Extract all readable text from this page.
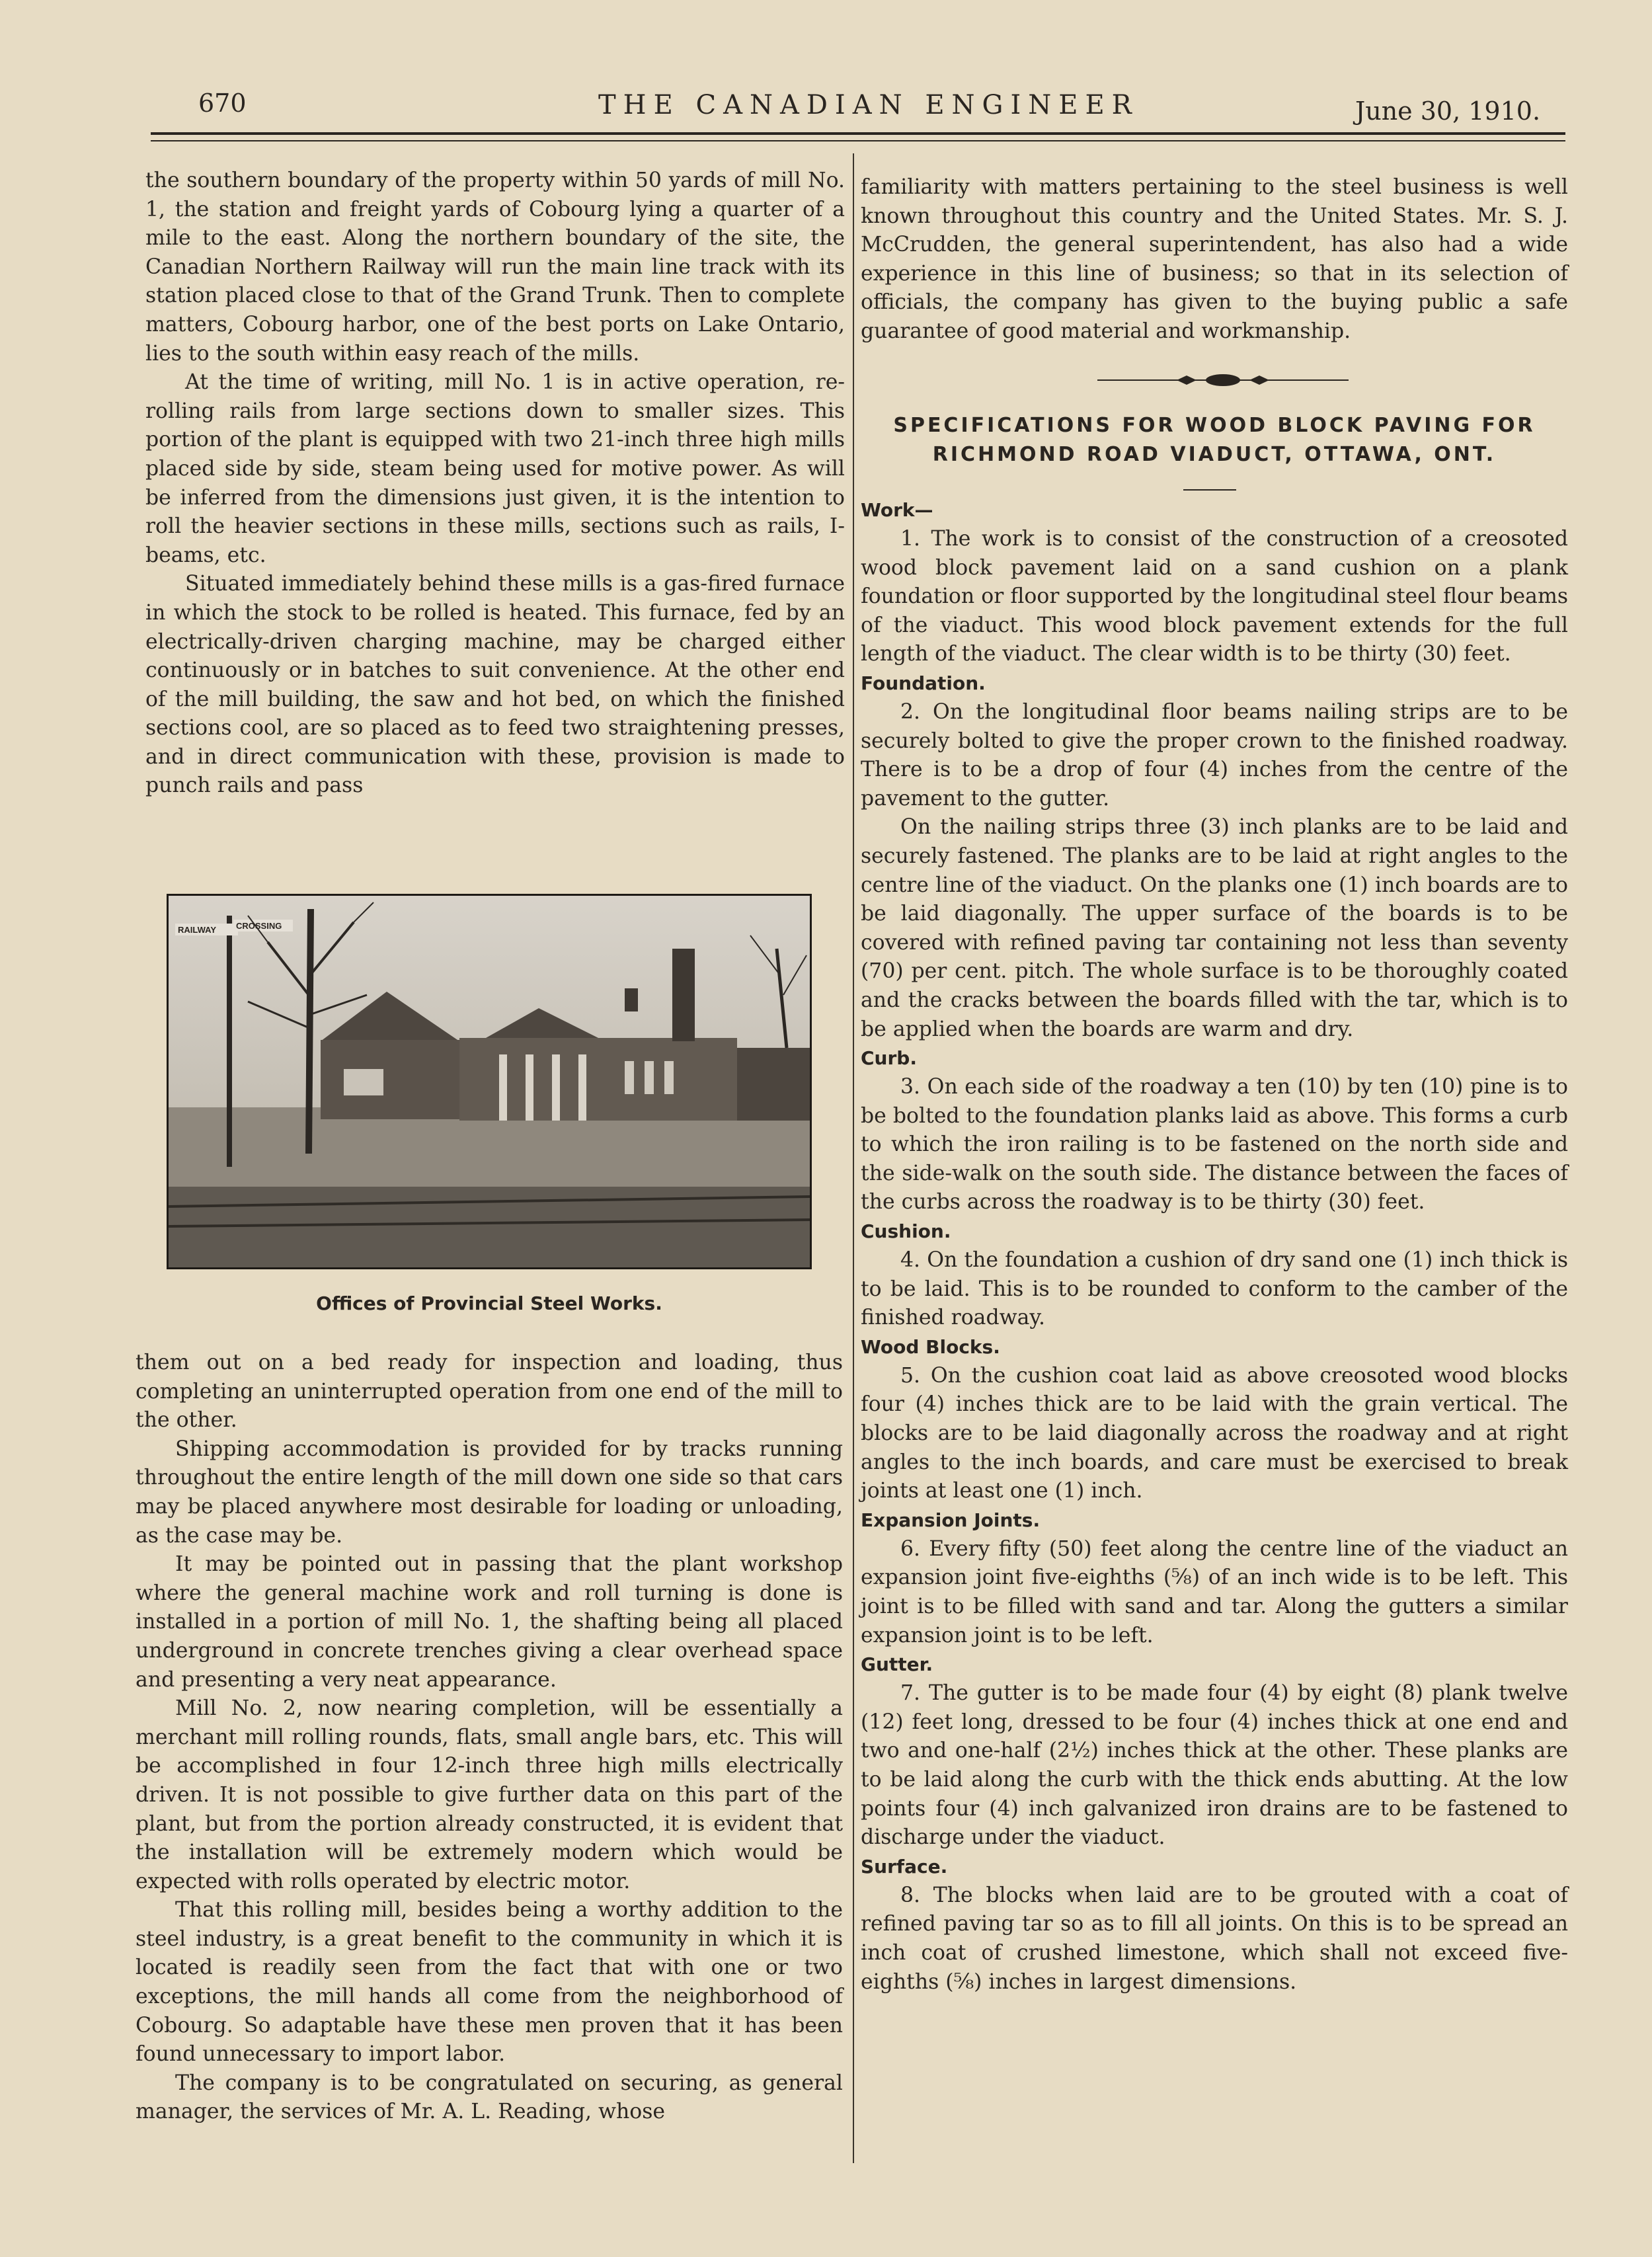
670	THE CANADIAN ENGINEER	June 30, 1910.

the southern boundary of the property within 50 yards of mill No. 1, the station and freight yards of Cobourg lying a quarter of a mile to the east. Along the northern boundary of the site, the Canadian Northern Railway will run the main line track with its station placed close to that of the Grand Trunk. Then to complete matters, Cobourg harbor, one of the best ports on Lake Ontario, lies to the south within easy reach of the mills.

At the time of writing, mill No. 1 is in active operation, re-rolling rails from large sections down to smaller sizes. This portion of the plant is equipped with two 21-inch three high mills placed side by side, steam being used for motive power. As will be inferred from the dimensions just given, it is the intention to roll the heavier sections in these mills, sections such as rails, I-beams, etc.

Situated immediately behind these mills is a gas-fired furnace in which the stock to be rolled is heated. This furnace, fed by an electrically-driven charging machine, may be charged either continuously or in batches to suit convenience. At the other end of the mill building, the saw and hot bed, on which the finished sections cool, are so placed as to feed two straightening presses, and in direct communication with these, provision is made to punch rails and pass

RAILWAY CROSSING
Offices of Provincial Steel Works.

them out on a bed ready for inspection and loading, thus completing an uninterrupted operation from one end of the mill to the other.

Shipping accommodation is provided for by tracks running throughout the entire length of the mill down one side so that cars may be placed anywhere most desirable for loading or unloading, as the case may be.

It may be pointed out in passing that the plant workshop where the general machine work and roll turning is done is installed in a portion of mill No. 1, the shafting being all placed underground in concrete trenches giving a clear overhead space and presenting a very neat appearance.

Mill No. 2, now nearing completion, will be essentially a merchant mill rolling rounds, flats, small angle bars, etc. This will be accomplished in four 12-inch three high mills electrically driven. It is not possible to give further data on this part of the plant, but from the portion already constructed, it is evident that the installation will be extremely modern which would be expected with rolls operated by electric motor.

That this rolling mill, besides being a worthy addition to the steel industry, is a great benefit to the community in which it is located is readily seen from the fact that with one or two exceptions, the mill hands all come from the neighborhood of Cobourg. So adaptable have these men proven that it has been found unnecessary to import labor.

The company is to be congratulated on securing, as general manager, the services of Mr. A. L. Reading, whose

familiarity with matters pertaining to the steel business is well known throughout this country and the United States. Mr. S. J. McCrudden, the general superintendent, has also had a wide experience in this line of business; so that in its selection of officials, the company has given to the buying public a safe guarantee of good material and workmanship.

SPECIFICATIONS FOR WOOD BLOCK PAVING FOR
RICHMOND ROAD VIADUCT, OTTAWA, ONT.

Work—

1. The work is to consist of the construction of a creosoted wood block pavement laid on a sand cushion on a plank foundation or floor supported by the longitudinal steel flour beams of the viaduct. This wood block pavement extends for the full length of the viaduct. The clear width is to be thirty (30) feet.

Foundation.

2. On the longitudinal floor beams nailing strips are to be securely bolted to give the proper crown to the finished roadway. There is to be a drop of four (4) inches from the centre of the pavement to the gutter.

On the nailing strips three (3) inch planks are to be laid and securely fastened. The planks are to be laid at right angles to the centre line of the viaduct. On the planks one (1) inch boards are to be laid diagonally. The upper surface of the boards is to be covered with refined paving tar containing not less than seventy (70) per cent. pitch. The whole surface is to be thoroughly coated and the cracks between the boards filled with the tar, which is to be applied when the boards are warm and dry.

Curb.

3. On each side of the roadway a ten (10) by ten (10) pine is to be bolted to the foundation planks laid as above. This forms a curb to which the iron railing is to be fastened on the north side and the side-walk on the south side. The distance between the faces of the curbs across the roadway is to be thirty (30) feet.

Cushion.

4. On the foundation a cushion of dry sand one (1) inch thick is to be laid. This is to be rounded to conform to the camber of the finished roadway.

Wood Blocks.

5. On the cushion coat laid as above creosoted wood blocks four (4) inches thick are to be laid with the grain vertical. The blocks are to be laid diagonally across the roadway and at right angles to the inch boards, and care must be exercised to break joints at least one (1) inch.

Expansion Joints.

6. Every fifty (50) feet along the centre line of the viaduct an expansion joint five-eighths (⅝) of an inch wide is to be left. This joint is to be filled with sand and tar. Along the gutters a similar expansion joint is to be left.

Gutter.

7. The gutter is to be made four (4) by eight (8) plank twelve (12) feet long, dressed to be four (4) inches thick at one end and two and one-half (2½) inches thick at the other. These planks are to be laid along the curb with the thick ends abutting. At the low points four (4) inch galvanized iron drains are to be fastened to discharge under the viaduct.

Surface.

8. The blocks when laid are to be grouted with a coat of refined paving tar so as to fill all joints. On this is to be spread an inch coat of crushed limestone, which shall not exceed five-eighths (⅝) inches in largest dimensions.
